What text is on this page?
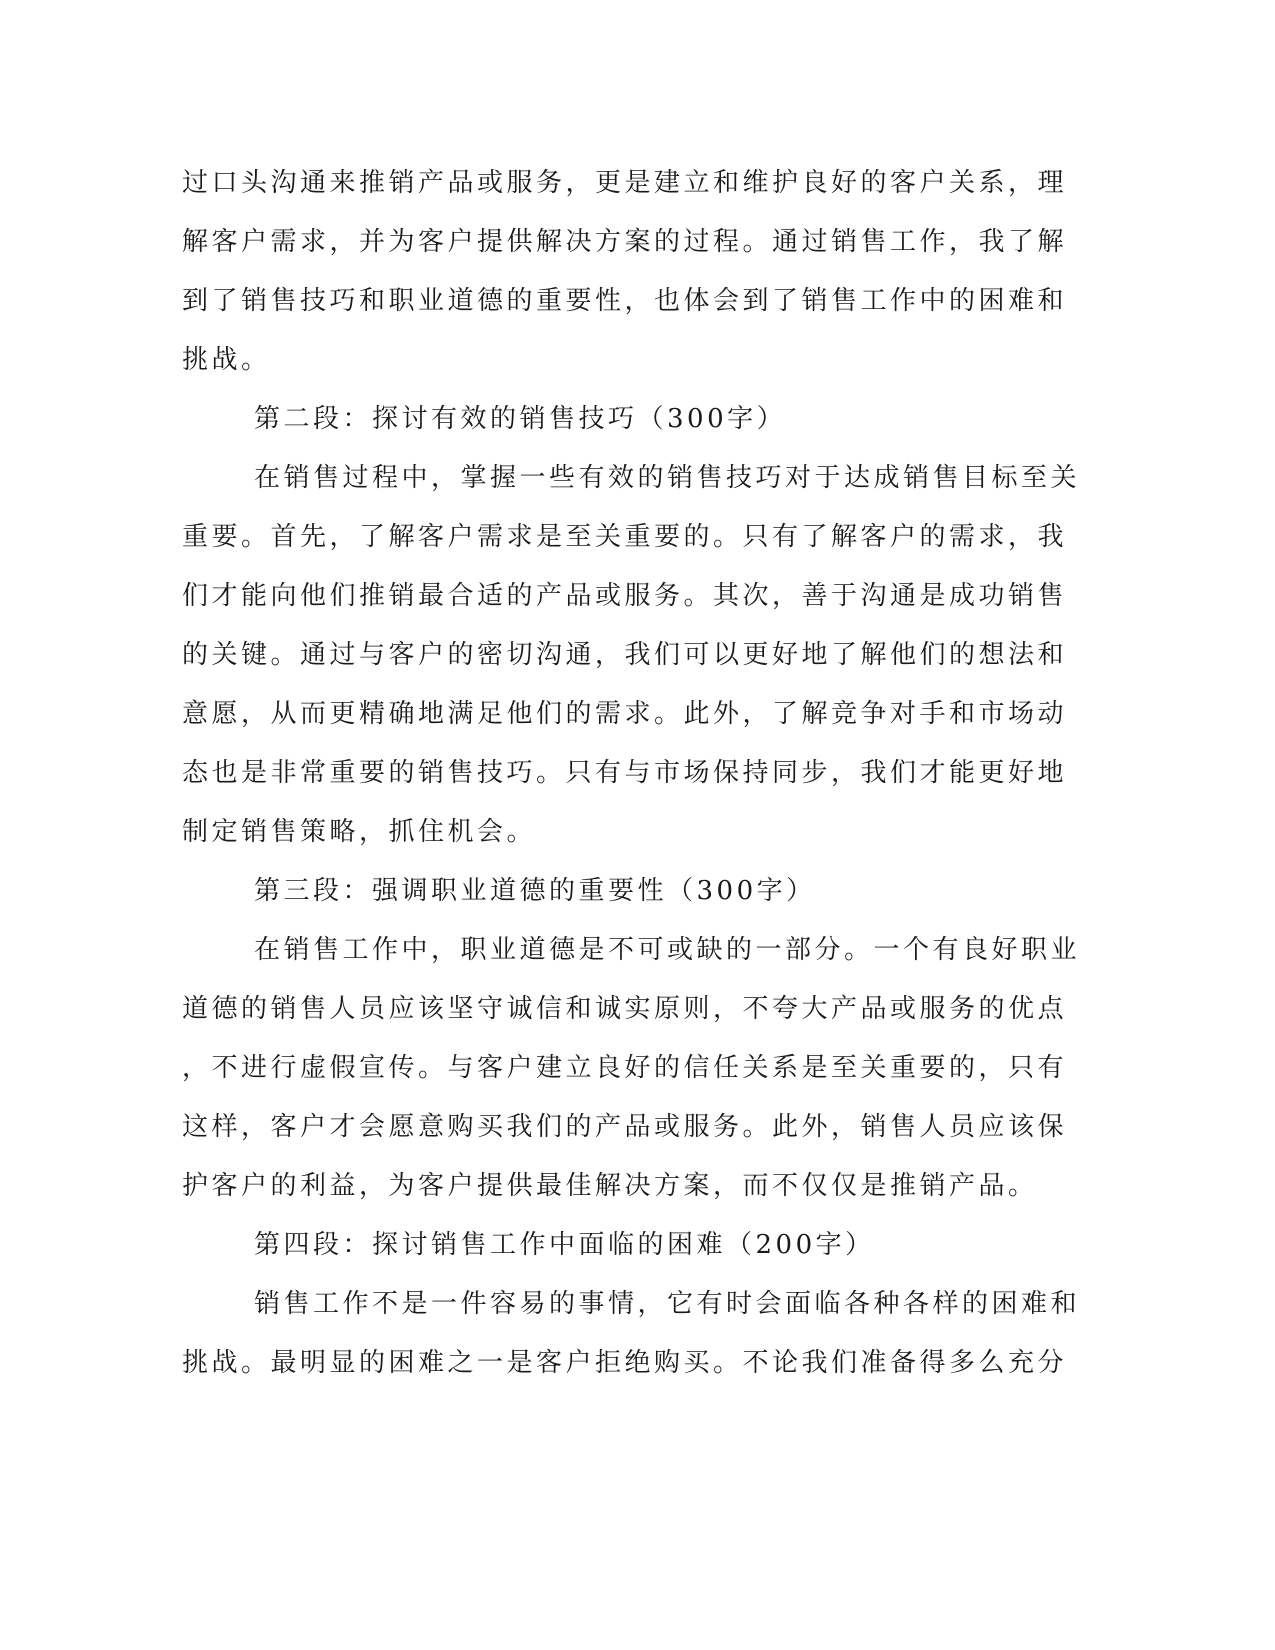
过口头沟通来推销产品或服务，更是建立和维护良好的客户关系，理
解客户需求，并为客户提供解决方案的过程。通过销售工作，我了解
到了销售技巧和职业道德的重要性，也体会到了销售工作中的困难和
挑战。
第二段：探讨有效的销售技巧（300字）
在销售过程中，掌握一些有效的销售技巧对于达成销售目标至关
重要。首先，了解客户需求是至关重要的。只有了解客户的需求，我
们才能向他们推销最合适的产品或服务。其次，善于沟通是成功销售
的关键。通过与客户的密切沟通，我们可以更好地了解他们的想法和
意愿，从而更精确地满足他们的需求。此外，了解竞争对手和市场动
态也是非常重要的销售技巧。只有与市场保持同步，我们才能更好地
制定销售策略，抓住机会。
第三段：强调职业道德的重要性（300字）
在销售工作中，职业道德是不可或缺的一部分。一个有良好职业
道德的销售人员应该坚守诚信和诚实原则，不夸大产品或服务的优点
，不进行虚假宣传。与客户建立良好的信任关系是至关重要的，只有
这样，客户才会愿意购买我们的产品或服务。此外，销售人员应该保
护客户的利益，为客户提供最佳解决方案，而不仅仅是推销产品。
第四段：探讨销售工作中面临的困难（200字）
销售工作不是一件容易的事情，它有时会面临各种各样的困难和
挑战。最明显的困难之一是客户拒绝购买。不论我们准备得多么充分
